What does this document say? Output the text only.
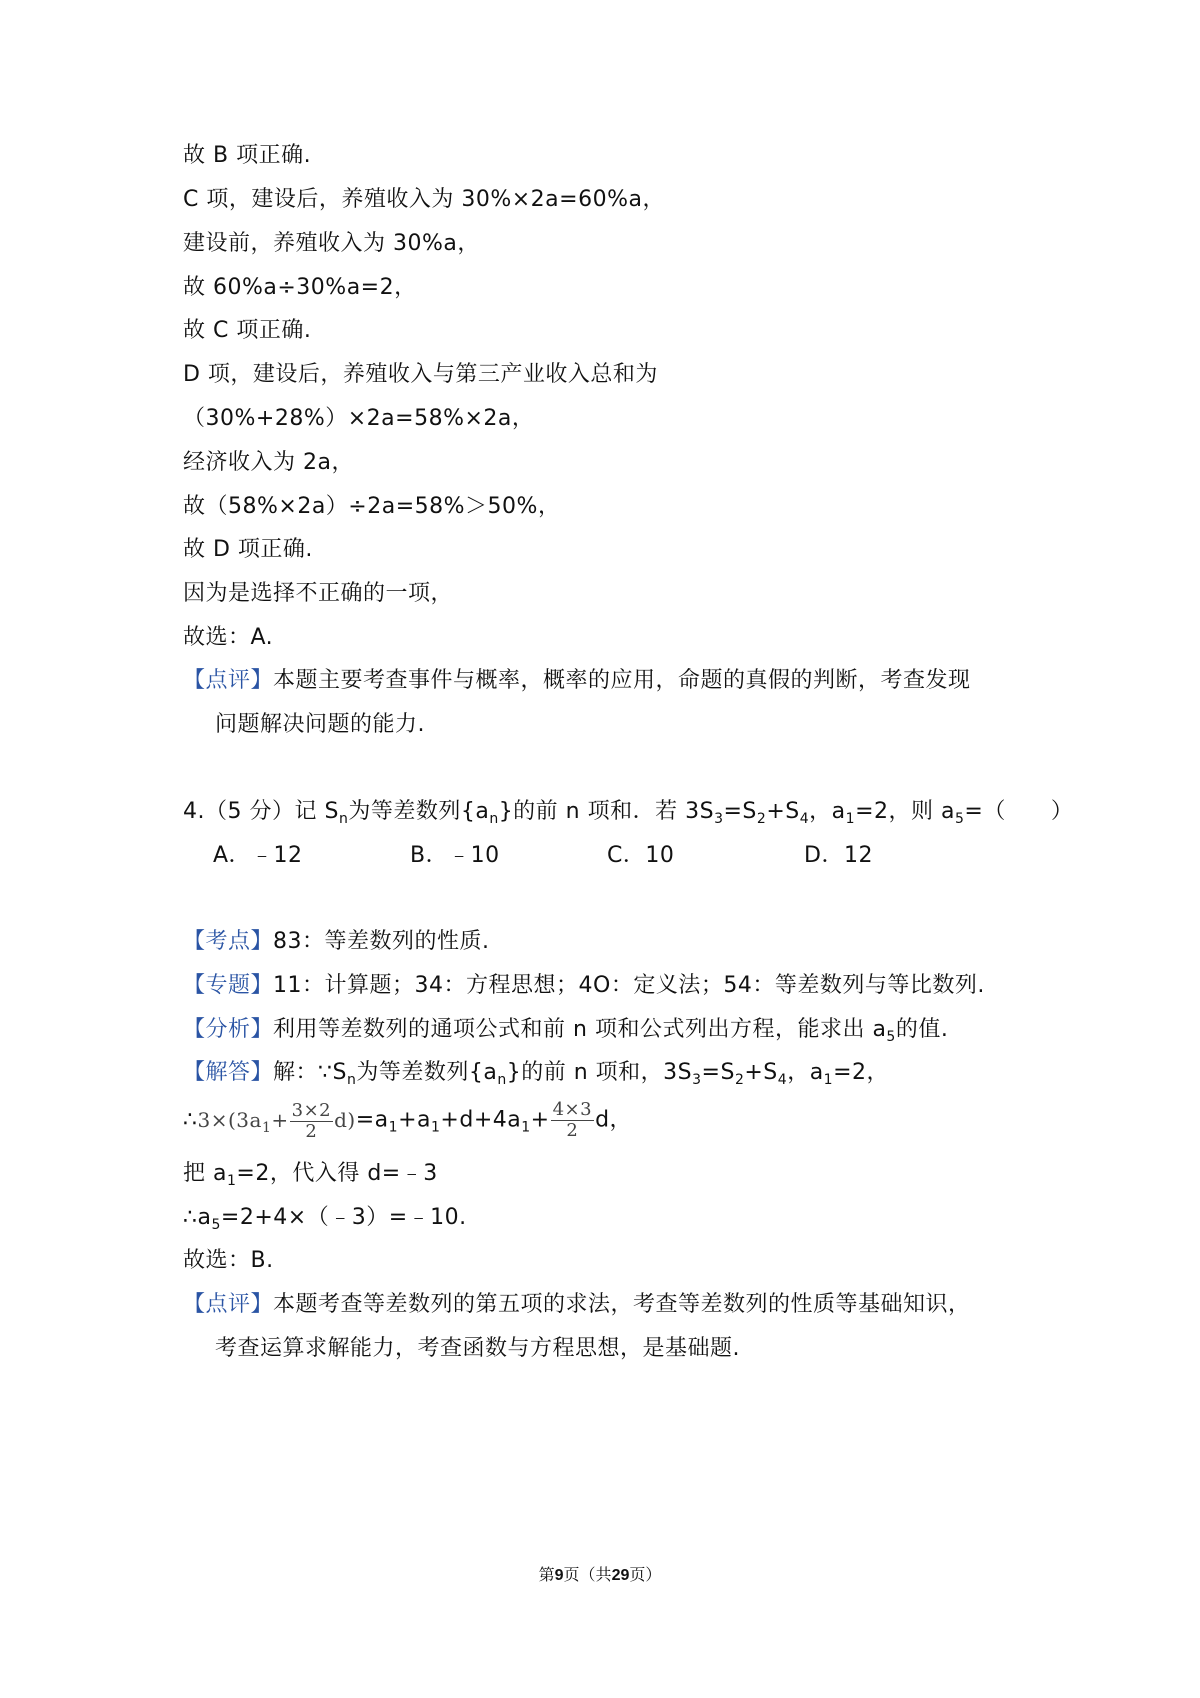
故 B 项正确.
C 项，建设后，养殖收入为 30%×2a=60%a，
建设前，养殖收入为 30%a，
故 60%a÷30%a=2，
故 C 项正确.
D 项，建设后，养殖收入与第三产业收入总和为
（30%+28%）×2a=58%×2a，
经济收入为 2a，
故（58%×2a）÷2a=58%＞50%，
故 D 项正确.
因为是选择不正确的一项，
故选：A.
【点评】本题主要考查事件与概率，概率的应用，命题的真假的判断，考查发现
问题解决问题的能力.
4.（5 分）记 $S_n$为等差数列$\{a_n\}$的前 n 项和．若 $3S_3=S_2+S_4$，$a_1=2$，则 $a_5=$（　　）
A．﹣12	B．﹣10	C．10	D．12
【考点】83：等差数列的性质.
【专题】11：计算题；34：方程思想；4O：定义法；54：等差数列与等比数列.
【分析】利用等差数列的通项公式和前 n 项和公式列出方程，能求出 $a_5$的值.
【解答】解：$\because S_n$为等差数列$\{a_n\}$的前 n 项和，$3S_3=S_2+S_4$，$a_1=2$，
$\therefore 3\times(3a_1+ \frac{3\times 2}{2} d)=a_1+a_1+d+4a_1+ \frac{4\times 3}{2}$ d，
把 $a_1=2$，代入得 d=﹣3
$\therefore a_5=2+4\times(﹣3)=﹣10$.
故选：B.
【点评】本题考查等差数列的第五项的求法，考查等差数列的性质等基础知识，
考查运算求解能力，考查函数与方程思想，是基础题.
第9页（共29页）
